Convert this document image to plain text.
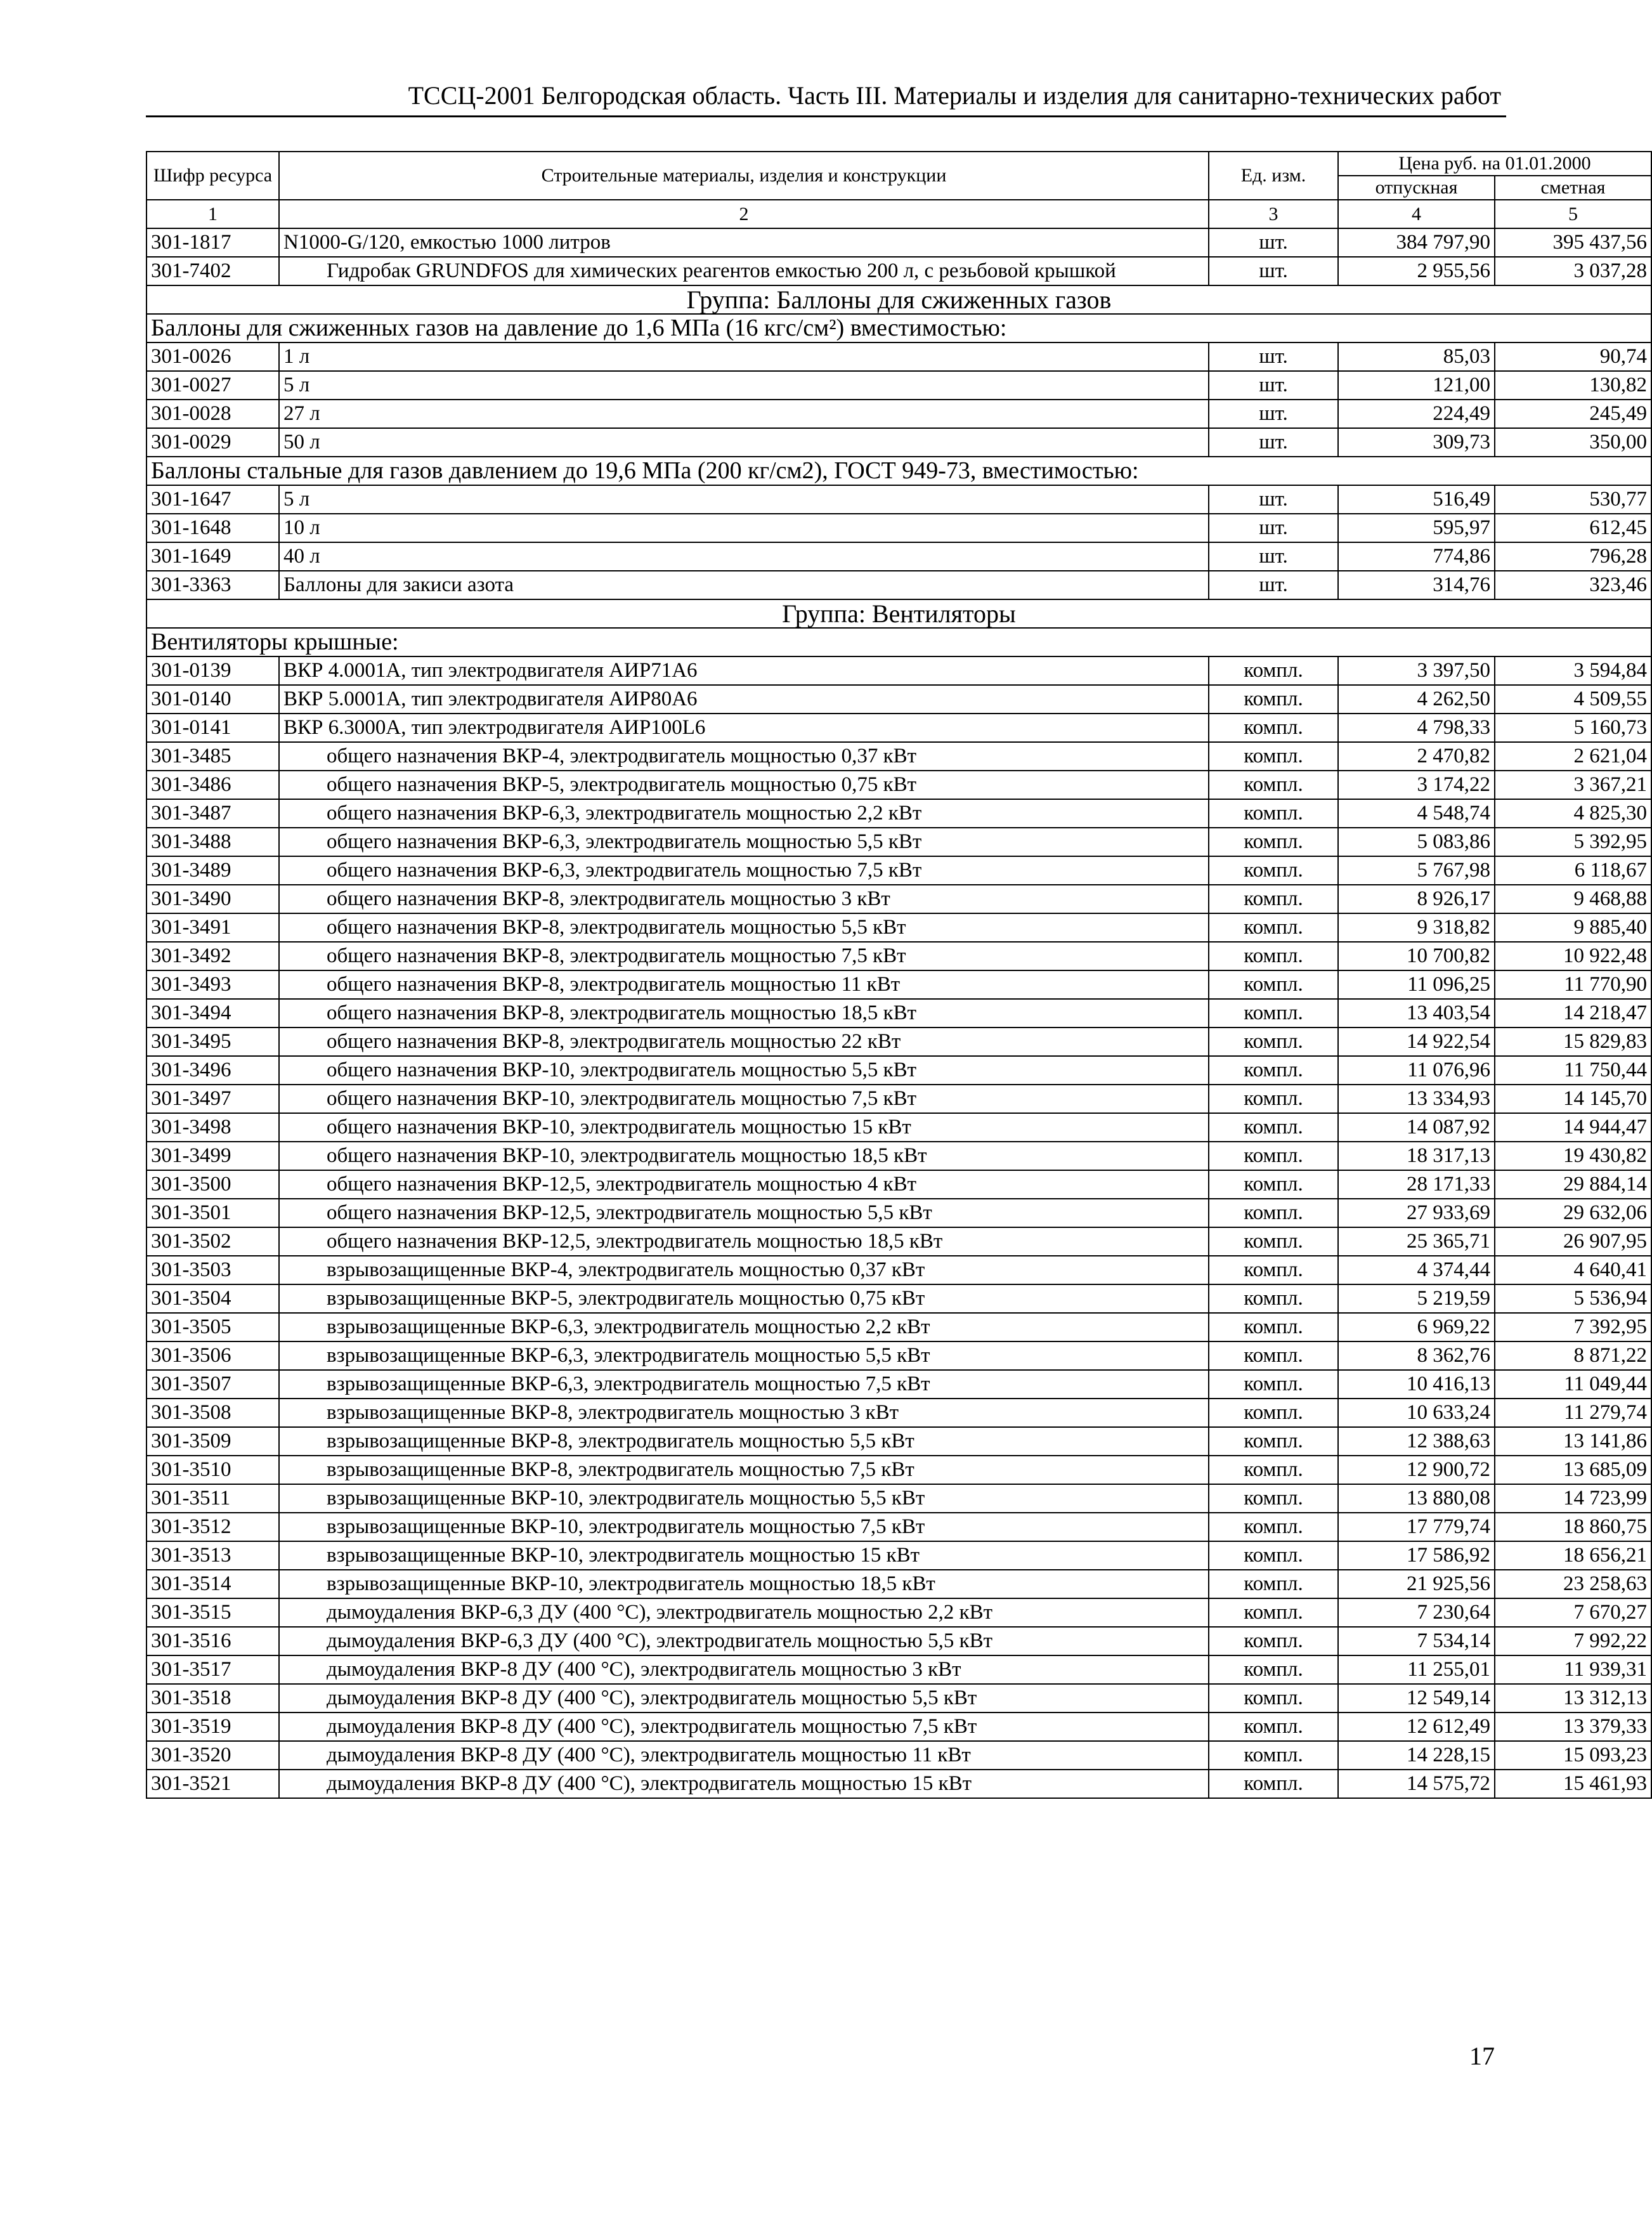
ТССЦ-2001 Белгородская область. Часть III. Материалы и изделия для санитарно-технических работ
Шифр ресурса	Строительные материалы, изделия и конструкции	Ед. изм.	Цена руб. на 01.01.2000	
			отпускная	сметная
1	2	3	4	5
301-1817	N1000-G/120, емкостью 1000 литров	шт.	384 797,90	395 437,56
301-7402	Гидробак GRUNDFOS для химических реагентов емкостью 200 л, с резьбовой крышкой	шт.	2 955,56	3 037,28
Группа: Баллоны для сжиженных газов				
Баллоны для сжиженных газов на давление до 1,6 МПа (16 кгс/см²) вместимостью:				
301-0026	1 л	шт.	85,03	90,74
301-0027	5 л	шт.	121,00	130,82
301-0028	27 л	шт.	224,49	245,49
301-0029	50 л	шт.	309,73	350,00
Баллоны стальные для газов давлением до 19,6 МПа (200 кг/см2), ГОСТ 949-73, вместимостью:				
301-1647	5 л	шт.	516,49	530,77
301-1648	10 л	шт.	595,97	612,45
301-1649	40 л	шт.	774,86	796,28
301-3363	Баллоны для закиси азота	шт.	314,76	323,46
Группа: Вентиляторы				
Вентиляторы крышные:				
301-0139	ВКР 4.0001А, тип электродвигателя АИР71А6	компл.	3 397,50	3 594,84
301-0140	ВКР 5.0001А, тип электродвигателя АИР80А6	компл.	4 262,50	4 509,55
301-0141	ВКР 6.3000А, тип электродвигателя АИР100L6	компл.	4 798,33	5 160,73
301-3485	общего назначения ВКР-4, электродвигатель мощностью 0,37 кВт	компл.	2 470,82	2 621,04
301-3486	общего назначения ВКР-5, электродвигатель мощностью 0,75 кВт	компл.	3 174,22	3 367,21
301-3487	общего назначения ВКР-6,3, электродвигатель мощностью 2,2 кВт	компл.	4 548,74	4 825,30
301-3488	общего назначения ВКР-6,3, электродвигатель мощностью 5,5 кВт	компл.	5 083,86	5 392,95
301-3489	общего назначения ВКР-6,3, электродвигатель мощностью 7,5 кВт	компл.	5 767,98	6 118,67
301-3490	общего назначения ВКР-8, электродвигатель мощностью 3 кВт	компл.	8 926,17	9 468,88
301-3491	общего назначения ВКР-8, электродвигатель мощностью 5,5 кВт	компл.	9 318,82	9 885,40
301-3492	общего назначения ВКР-8, электродвигатель мощностью 7,5 кВт	компл.	10 700,82	10 922,48
301-3493	общего назначения ВКР-8, электродвигатель мощностью 11 кВт	компл.	11 096,25	11 770,90
301-3494	общего назначения ВКР-8, электродвигатель мощностью 18,5 кВт	компл.	13 403,54	14 218,47
301-3495	общего назначения ВКР-8, электродвигатель мощностью 22 кВт	компл.	14 922,54	15 829,83
301-3496	общего назначения ВКР-10, электродвигатель мощностью 5,5 кВт	компл.	11 076,96	11 750,44
301-3497	общего назначения ВКР-10, электродвигатель мощностью 7,5 кВт	компл.	13 334,93	14 145,70
301-3498	общего назначения ВКР-10, электродвигатель мощностью 15 кВт	компл.	14 087,92	14 944,47
301-3499	общего назначения ВКР-10, электродвигатель мощностью 18,5 кВт	компл.	18 317,13	19 430,82
301-3500	общего назначения ВКР-12,5, электродвигатель мощностью 4 кВт	компл.	28 171,33	29 884,14
301-3501	общего назначения ВКР-12,5, электродвигатель мощностью 5,5 кВт	компл.	27 933,69	29 632,06
301-3502	общего назначения ВКР-12,5, электродвигатель мощностью 18,5 кВт	компл.	25 365,71	26 907,95
301-3503	взрывозащищенные ВКР-4, электродвигатель мощностью 0,37 кВт	компл.	4 374,44	4 640,41
301-3504	взрывозащищенные ВКР-5, электродвигатель мощностью 0,75 кВт	компл.	5 219,59	5 536,94
301-3505	взрывозащищенные ВКР-6,3, электродвигатель мощностью 2,2 кВт	компл.	6 969,22	7 392,95
301-3506	взрывозащищенные ВКР-6,3, электродвигатель мощностью 5,5 кВт	компл.	8 362,76	8 871,22
301-3507	взрывозащищенные ВКР-6,3, электродвигатель мощностью 7,5 кВт	компл.	10 416,13	11 049,44
301-3508	взрывозащищенные ВКР-8, электродвигатель мощностью 3 кВт	компл.	10 633,24	11 279,74
301-3509	взрывозащищенные ВКР-8, электродвигатель мощностью 5,5 кВт	компл.	12 388,63	13 141,86
301-3510	взрывозащищенные ВКР-8, электродвигатель мощностью 7,5 кВт	компл.	12 900,72	13 685,09
301-3511	взрывозащищенные ВКР-10, электродвигатель мощностью 5,5 кВт	компл.	13 880,08	14 723,99
301-3512	взрывозащищенные ВКР-10, электродвигатель мощностью 7,5 кВт	компл.	17 779,74	18 860,75
301-3513	взрывозащищенные ВКР-10, электродвигатель мощностью 15 кВт	компл.	17 586,92	18 656,21
301-3514	взрывозащищенные ВКР-10, электродвигатель мощностью 18,5 кВт	компл.	21 925,56	23 258,63
301-3515	дымоудаления ВКР-6,3 ДУ (400 °С), электродвигатель мощностью 2,2 кВт	компл.	7 230,64	7 670,27
301-3516	дымоудаления ВКР-6,3 ДУ (400 °С), электродвигатель мощностью 5,5 кВт	компл.	7 534,14	7 992,22
301-3517	дымоудаления ВКР-8 ДУ (400 °С), электродвигатель мощностью 3 кВт	компл.	11 255,01	11 939,31
301-3518	дымоудаления ВКР-8 ДУ (400 °С), электродвигатель мощностью 5,5 кВт	компл.	12 549,14	13 312,13
301-3519	дымоудаления ВКР-8 ДУ (400 °С), электродвигатель мощностью 7,5 кВт	компл.	12 612,49	13 379,33
301-3520	дымоудаления ВКР-8 ДУ (400 °С), электродвигатель мощностью 11 кВт	компл.	14 228,15	15 093,23
301-3521	дымоудаления ВКР-8 ДУ (400 °С), электродвигатель мощностью 15 кВт	компл.	14 575,72	15 461,93
17
